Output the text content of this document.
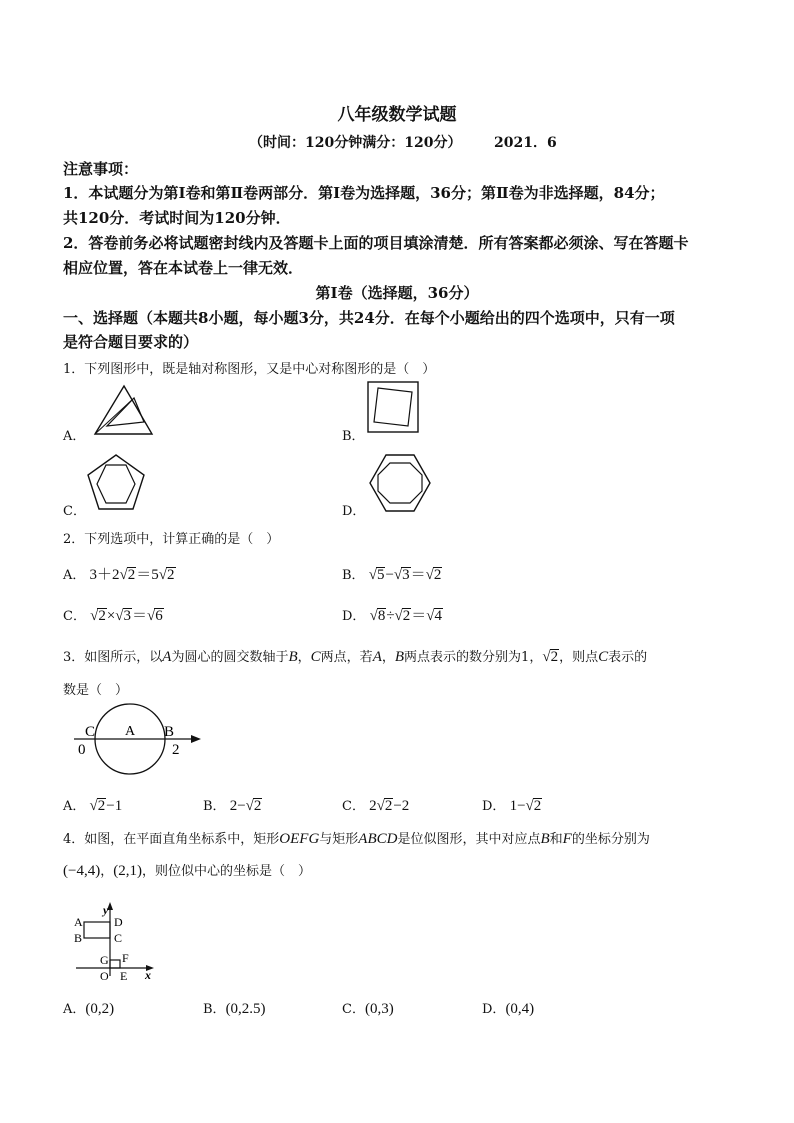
八年级数学试题
（时间：120分钟满分：120分） 2021．6
注意事项：
1．本试题分为第Ⅰ卷和第Ⅱ卷两部分．第Ⅰ卷为选择题，36分；第Ⅱ卷为非选择题，84分；
共120分．考试时间为120分钟．
2．答卷前务必将试题密封线内及答题卡上面的项目填涂清楚．所有答案都必须涂、写在答题卡
相应位置，答在本试卷上一律无效．
第Ⅰ卷（选择题，36分）
一、选择题（本题共8小题，每小题3分，共24分．在每个小题给出的四个选项中，只有一项
是符合题目要求的）
1．下列图形中，既是轴对称图形，又是中心对称图形的是（　）
A．	B．
C．	D．
2．下列选项中，计算正确的是（　）
A． 3＋2√2＝5√2	B． √5−√3＝√2
C． √2×√3＝√6	D． √8÷√2＝√4
3．如图所示，以A为圆心的圆交数轴于B，C两点，若A，B两点表示的数分别为1，√2，则点C表示的
数是（　）
C A B
0	2
A． √2−1	B． 2−√2	C． 2√2−2	D． 1−√2
4．如图，在平面直角坐标系中，矩形OEFG与矩形ABCD是位似图形，其中对应点B和F的坐标分别为
(−4,4)，(2,1)，则位似中心的坐标是（　）
y
x
A
B
D
C
G F
O E
A．(0,2)	B．(0,2.5)	C．(0,3)	D．(0,4)
